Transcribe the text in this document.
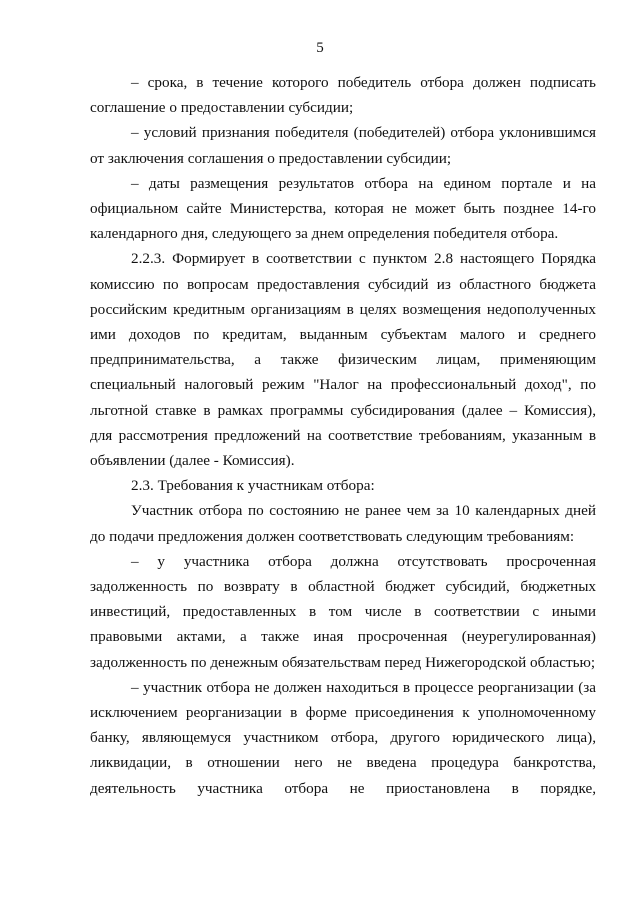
5

– срока, в течение которого победитель отбора должен подписать соглашение о предоставлении субсидии;

– условий признания победителя (победителей) отбора уклонившимся от заключения соглашения о предоставлении субсидии;

– даты размещения результатов отбора на едином портале и на официальном сайте Министерства, которая не может быть позднее 14-го календарного дня, следующего за днем определения победителя отбора.

2.2.3. Формирует в соответствии с пунктом 2.8 настоящего Порядка комиссию по вопросам предоставления субсидий из областного бюджета российским кредитным организациям в целях возмещения недополученных ими доходов по кредитам, выданным субъектам малого и среднего предпринимательства, а также физическим лицам, применяющим специальный налоговый режим "Налог на профессиональный доход", по льготной ставке в рамках программы субсидирования (далее – Комиссия), для рассмотрения предложений на соответствие требованиям, указанным в объявлении (далее - Комиссия).

2.3. Требования к участникам отбора:

Участник отбора по состоянию не ранее чем за 10 календарных дней до подачи предложения должен соответствовать следующим требованиям:

– у участника отбора должна отсутствовать просроченная задолженность по возврату в областной бюджет субсидий, бюджетных инвестиций, предоставленных в том числе в соответствии с иными правовыми актами, а также иная просроченная (неурегулированная) задолженность по денежным обязательствам перед Нижегородской областью;

– участник отбора не должен находиться в процессе реорганизации (за исключением реорганизации в форме присоединения к уполномоченному банку, являющемуся участником отбора, другого юридического лица), ликвидации, в отношении него не введена процедура банкротства, деятельность участника отбора не приостановлена в порядке,
